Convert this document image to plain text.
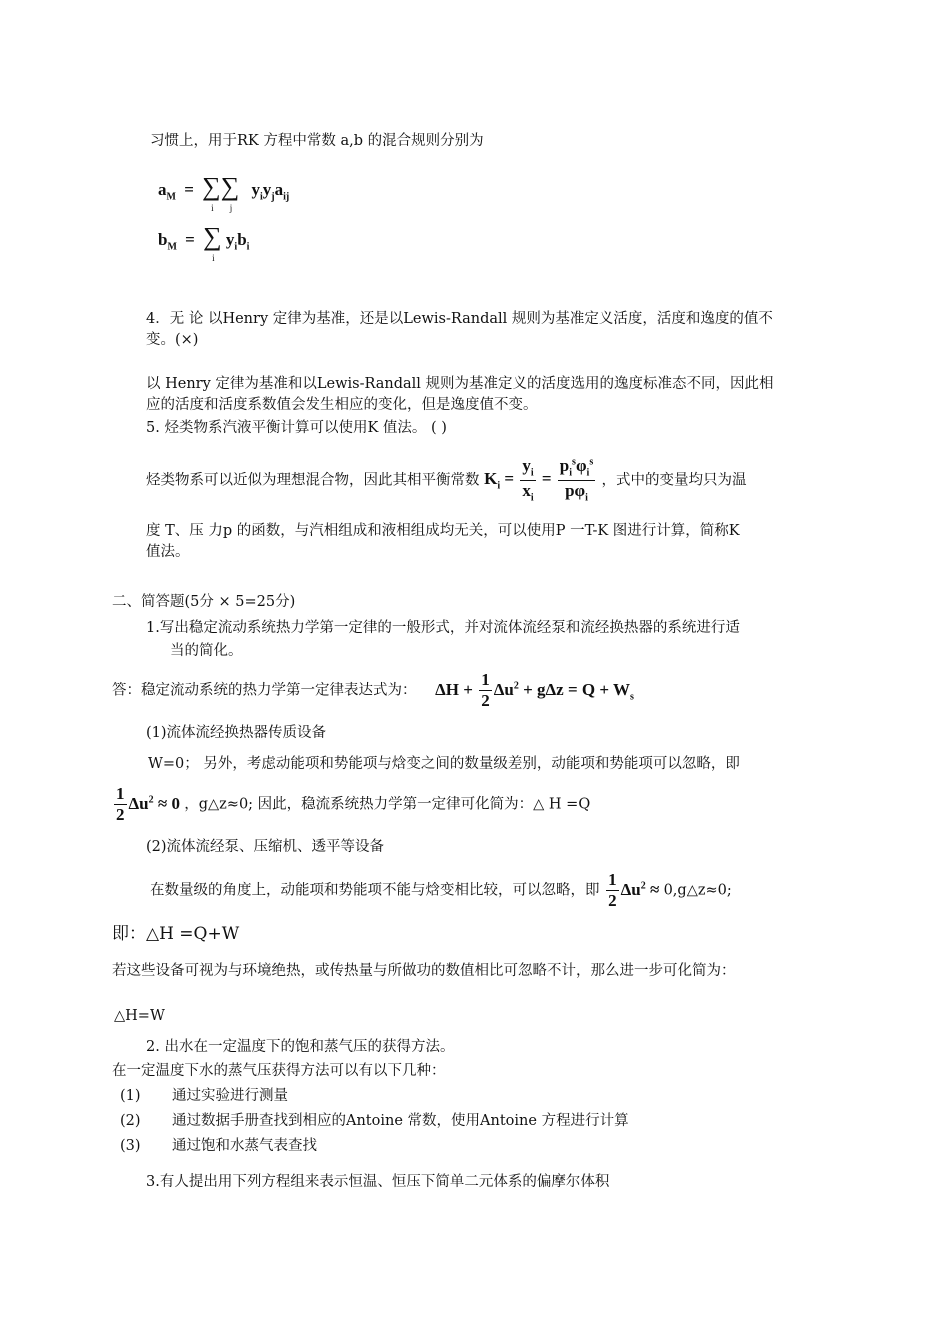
习惯上，用于RK 方程中常数 a,b 的混合规则分别为
$a_M$ = ∑
i
∑
j
$y_iy_ja_{ij}$
$b_M$ = ∑
i
$y_ib_i$
4．无 论 以Henry 定律为基准，还是以Lewis-Randall 规则为基准定义活度，活度和逸度的值不
变。(×)
以 Henry 定律为基准和以Lewis-Randall 规则为基准定义的活度选用的逸度标准态不同，因此相
应的活度和活度系数值会发生相应的变化，但是逸度值不变。
5. 烃类物系汽液平衡计算可以使用K 值法。 ( )
烃类物系可以近似为理想混合物，因此其相平衡常数 $K_i = \frac{y_i}{x_i} = \frac{p_i^s\varphi_i^s}{p\varphi_i}$ ，式中的变量均只为温
度 T、压 力p 的函数，与汽相组成和液相组成均无关，可以使用P 一T-K 图进行计算，简称K
值法。
二、简答题(5分 × 5=25分)
1.写出稳定流动系统热力学第一定律的一般形式，并对流体流经泵和流经换热器的系统进行适
当的简化。
答：稳定流动系统的热力学第一定律表达式为： $\Delta H + \frac{1}{2} \Delta u^2 + g\Delta z = Q + W_s$
(1)流体流经换热器传质设备
W=0； 另外，考虑动能项和势能项与焓变之间的数量级差别，动能项和势能项可以忽略，即
$\frac{1}{2} \Delta u^2 \approx 0$ ，g△z≈0; 因此，稳流系统热力学第一定律可化简为：△ H =Q
(2)流体流经泵、压缩机、透平等设备
在数量级的角度上，动能项和势能项不能与焓变相比较，可以忽略，即 $\frac{1}{2} \Delta u^2$ ≈ 0,g△z≈0;
即：△H =Q+W
若这些设备可视为与环境绝热，或传热量与所做功的数值相比可忽略不计，那么进一步可化简为：
△H=W
2. 出水在一定温度下的饱和蒸气压的获得方法。
在一定温度下水的蒸气压获得方法可以有以下几种：
(1) 通过实验进行测量
(2) 通过数据手册查找到相应的Antoine 常数，使用Antoine 方程进行计算
(3) 通过饱和水蒸气表查找
3.有人提出用下列方程组来表示恒温、恒压下简单二元体系的偏摩尔体积
